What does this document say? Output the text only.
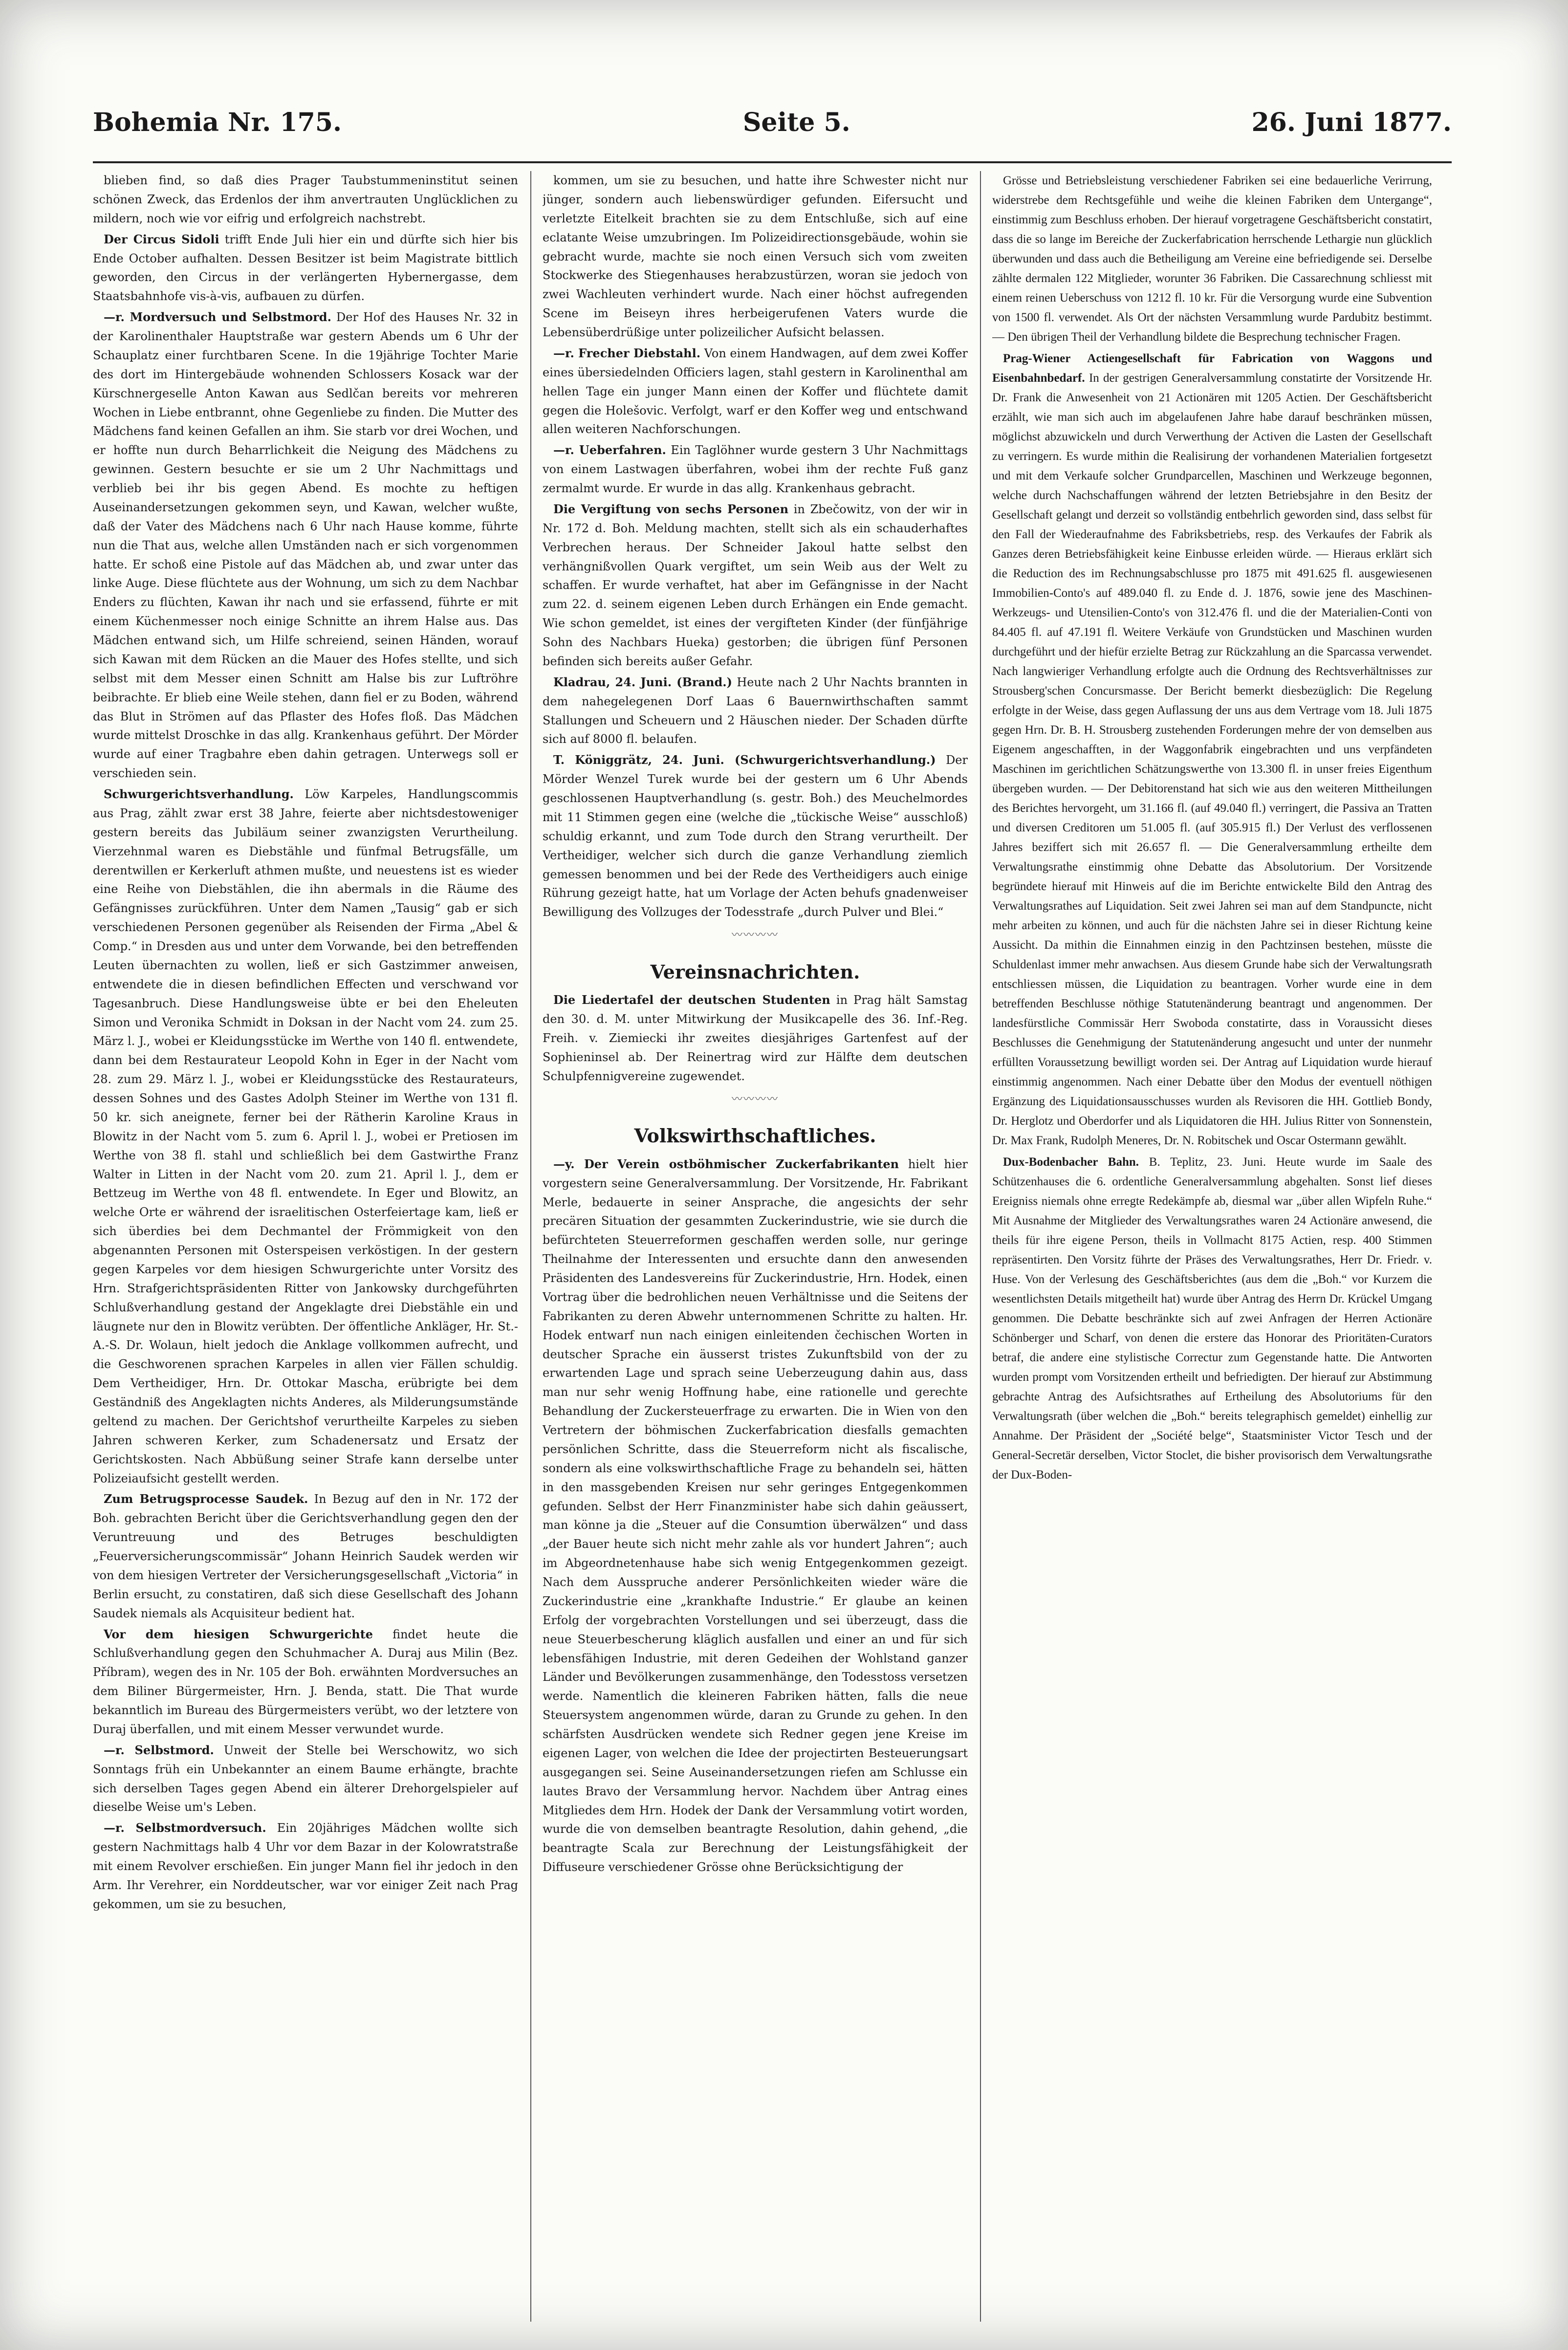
Bohemia Nr. 175.	Seite 5.	26. Juni 1877.

blieben find, so daß dies Prager Taubstummeninstitut seinen schönen Zweck, das Erdenlos der ihm anvertrauten Unglücklichen zu mildern, noch wie vor eifrig und erfolgreich nachstrebt.

Der Circus Sidoli trifft Ende Juli hier ein und dürfte sich hier bis Ende October aufhalten. Dessen Besitzer ist beim Magistrate bittlich geworden, den Circus in der verlängerten Hybernergasse, dem Staatsbahnhofe vis-à-vis, aufbauen zu dürfen.

—r. Mordversuch und Selbstmord. Der Hof des Hauses Nr. 32 in der Karolinenthaler Hauptstraße war gestern Abends um 6 Uhr der Schauplatz einer furchtbaren Scene. In die 19jährige Tochter Marie des dort im Hintergebäude wohnenden Schlossers Kosack war der Kürschnergeselle Anton Kawan aus Sedlčan bereits vor mehreren Wochen in Liebe entbrannt, ohne Gegenliebe zu finden. Die Mutter des Mädchens fand keinen Gefallen an ihm. Sie starb vor drei Wochen, und er hoffte nun durch Beharrlichkeit die Neigung des Mädchens zu gewinnen. Gestern besuchte er sie um 2 Uhr Nachmittags und verblieb bei ihr bis gegen Abend. Es mochte zu heftigen Auseinandersetzungen gekommen seyn, und Kawan, welcher wußte, daß der Vater des Mädchens nach 6 Uhr nach Hause komme, führte nun die That aus, welche allen Umständen nach er sich vorgenommen hatte. Er schoß eine Pistole auf das Mädchen ab, und zwar unter das linke Auge. Diese flüchtete aus der Wohnung, um sich zu dem Nachbar Enders zu flüchten, Kawan ihr nach und sie erfassend, führte er mit einem Küchenmesser noch einige Schnitte an ihrem Halse aus. Das Mädchen entwand sich, um Hilfe schreiend, seinen Händen, worauf sich Kawan mit dem Rücken an die Mauer des Hofes stellte, und sich selbst mit dem Messer einen Schnitt am Halse bis zur Luftröhre beibrachte. Er blieb eine Weile stehen, dann fiel er zu Boden, während das Blut in Strömen auf das Pflaster des Hofes floß. Das Mädchen wurde mittelst Droschke in das allg. Krankenhaus geführt. Der Mörder wurde auf einer Tragbahre eben dahin getragen. Unterwegs soll er verschieden sein.

Schwurgerichtsverhandlung. Löw Karpeles, Handlungscommis aus Prag, zählt zwar erst 38 Jahre, feierte aber nichtsdestoweniger gestern bereits das Jubiläum seiner zwanzigsten Verurtheilung. Vierzehnmal waren es Diebstähle und fünfmal Betrugsfälle, um derentwillen er Kerkerluft athmen mußte, und neuestens ist es wieder eine Reihe von Diebstählen, die ihn abermals in die Räume des Gefängnisses zurückführen. Unter dem Namen „Tausig“ gab er sich verschiedenen Personen gegenüber als Reisenden der Firma „Abel & Comp.“ in Dresden aus und unter dem Vorwande, bei den betreffenden Leuten übernachten zu wollen, ließ er sich Gastzimmer anweisen, entwendete die in diesen befindlichen Effecten und verschwand vor Tagesanbruch. Diese Handlungsweise übte er bei den Eheleuten Simon und Veronika Schmidt in Doksan in der Nacht vom 24. zum 25. März l. J., wobei er Kleidungsstücke im Werthe von 140 fl. entwendete, dann bei dem Restaurateur Leopold Kohn in Eger in der Nacht vom 28. zum 29. März l. J., wobei er Kleidungsstücke des Restaurateurs, dessen Sohnes und des Gastes Adolph Steiner im Werthe von 131 fl. 50 kr. sich aneignete, ferner bei der Rätherin Karoline Kraus in Blowitz in der Nacht vom 5. zum 6. April l. J., wobei er Pretiosen im Werthe von 38 fl. stahl und schließlich bei dem Gastwirthe Franz Walter in Litten in der Nacht vom 20. zum 21. April l. J., dem er Bettzeug im Werthe von 48 fl. entwendete. In Eger und Blowitz, an welche Orte er während der israelitischen Osterfeiertage kam, ließ er sich überdies bei dem Dechmantel der Frömmigkeit von den abgenannten Personen mit Osterspeisen verköstigen. In der gestern gegen Karpeles vor dem hiesigen Schwurgerichte unter Vorsitz des Hrn. Strafgerichtspräsidenten Ritter von Jankowsky durchgeführten Schlußverhandlung gestand der Angeklagte drei Diebstähle ein und läugnete nur den in Blowitz verübten. Der öffentliche Ankläger, Hr. St.-A.-S. Dr. Wolaun, hielt jedoch die Anklage vollkommen aufrecht, und die Geschworenen sprachen Karpeles in allen vier Fällen schuldig. Dem Vertheidiger, Hrn. Dr. Ottokar Mascha, erübrigte bei dem Geständniß des Angeklagten nichts Anderes, als Milderungsumstände geltend zu machen. Der Gerichtshof verurtheilte Karpeles zu sieben Jahren schweren Kerker, zum Schadenersatz und Ersatz der Gerichtskosten. Nach Abbüßung seiner Strafe kann derselbe unter Polizeiaufsicht gestellt werden.

Zum Betrugsprocesse Saudek. In Bezug auf den in Nr. 172 der Boh. gebrachten Bericht über die Gerichtsverhandlung gegen den der Veruntreuung und des Betruges beschuldigten „Feuerversicherungscommissär“ Johann Heinrich Saudek werden wir von dem hiesigen Vertreter der Versicherungsgesellschaft „Victoria“ in Berlin ersucht, zu constatiren, daß sich diese Gesellschaft des Johann Saudek niemals als Acquisiteur bedient hat.

Vor dem hiesigen Schwurgerichte findet heute die Schlußverhandlung gegen den Schuhmacher A. Duraj aus Milin (Bez. Příbram), wegen des in Nr. 105 der Boh. erwähnten Mordversuches an dem Biliner Bürgermeister, Hrn. J. Benda, statt. Die That wurde bekanntlich im Bureau des Bürgermeisters verübt, wo der letztere von Duraj überfallen, und mit einem Messer verwundet wurde.

—r. Selbstmord. Unweit der Stelle bei Werschowitz, wo sich Sonntags früh ein Unbekannter an einem Baume erhängte, brachte sich derselben Tages gegen Abend ein älterer Drehorgelspieler auf dieselbe Weise um's Leben.

—r. Selbstmordversuch. Ein 20jähriges Mädchen wollte sich gestern Nachmittags halb 4 Uhr vor dem Bazar in der Kolowratstraße mit einem Revolver erschießen. Ein junger Mann fiel ihr jedoch in den Arm. Ihr Verehrer, ein Norddeutscher, war vor einiger Zeit nach Prag gekommen, um sie zu besuchen,

kommen, um sie zu besuchen, und hatte ihre Schwester nicht nur jünger, sondern auch liebenswürdiger gefunden. Eifersucht und verletzte Eitelkeit brachten sie zu dem Entschluße, sich auf eine eclatante Weise umzubringen. Im Polizeidirectionsgebäude, wohin sie gebracht wurde, machte sie noch einen Versuch sich vom zweiten Stockwerke des Stiegenhauses herabzustürzen, woran sie jedoch von zwei Wachleuten verhindert wurde. Nach einer höchst aufregenden Scene im Beiseyn ihres herbeigerufenen Vaters wurde die Lebensüberdrüßige unter polizeilicher Aufsicht belassen.

—r. Frecher Diebstahl. Von einem Handwagen, auf dem zwei Koffer eines übersiedelnden Officiers lagen, stahl gestern in Karolinenthal am hellen Tage ein junger Mann einen der Koffer und flüchtete damit gegen die Holešovic. Verfolgt, warf er den Koffer weg und entschwand allen weiteren Nachforschungen.

—r. Ueberfahren. Ein Taglöhner wurde gestern 3 Uhr Nachmittags von einem Lastwagen überfahren, wobei ihm der rechte Fuß ganz zermalmt wurde. Er wurde in das allg. Krankenhaus gebracht.

Die Vergiftung von sechs Personen in Zbečowitz, von der wir in Nr. 172 d. Boh. Meldung machten, stellt sich als ein schauderhaftes Verbrechen heraus. Der Schneider Jakoul hatte selbst den verhängnißvollen Quark vergiftet, um sein Weib aus der Welt zu schaffen. Er wurde verhaftet, hat aber im Gefängnisse in der Nacht zum 22. d. seinem eigenen Leben durch Erhängen ein Ende gemacht. Wie schon gemeldet, ist eines der vergifteten Kinder (der fünfjährige Sohn des Nachbars Hueka) gestorben; die übrigen fünf Personen befinden sich bereits außer Gefahr.

Kladrau, 24. Juni. (Brand.) Heute nach 2 Uhr Nachts brannten in dem nahegelegenen Dorf Laas 6 Bauernwirthschaften sammt Stallungen und Scheuern und 2 Häuschen nieder. Der Schaden dürfte sich auf 8000 fl. belaufen.

T. Königgrätz, 24. Juni. (Schwurgerichtsverhandlung.) Der Mörder Wenzel Turek wurde bei der gestern um 6 Uhr Abends geschlossenen Hauptverhandlung (s. gestr. Boh.) des Meuchelmordes mit 11 Stimmen gegen eine (welche die „tückische Weise“ ausschloß) schuldig erkannt, und zum Tode durch den Strang verurtheilt. Der Vertheidiger, welcher sich durch die ganze Verhandlung ziemlich gemessen benommen und bei der Rede des Vertheidigers auch einige Rührung gezeigt hatte, hat um Vorlage der Acten behufs gnadenweiser Bewilligung des Vollzuges der Todesstrafe „durch Pulver und Blei.“

〰〰〰〰
Vereinsnachrichten.

Die Liedertafel der deutschen Studenten in Prag hält Samstag den 30. d. M. unter Mitwirkung der Musikcapelle des 36. Inf.-Reg. Freih. v. Ziemiecki ihr zweites diesjähriges Gartenfest auf der Sophieninsel ab. Der Reinertrag wird zur Hälfte dem deutschen Schulpfennigvereine zugewendet.

〰〰〰〰
Volkswirthschaftliches.

—y. Der Verein ostböhmischer Zuckerfabrikanten hielt hier vorgestern seine Generalversammlung. Der Vorsitzende, Hr. Fabrikant Merle, bedauerte in seiner Ansprache, die angesichts der sehr precären Situation der gesammten Zuckerindustrie, wie sie durch die befürchteten Steuerreformen geschaffen werden solle, nur geringe Theilnahme der Interessenten und ersuchte dann den anwesenden Präsidenten des Landesvereins für Zuckerindustrie, Hrn. Hodek, einen Vortrag über die bedrohlichen neuen Verhältnisse und die Seitens der Fabrikanten zu deren Abwehr unternommenen Schritte zu halten. Hr. Hodek entwarf nun nach einigen einleitenden čechischen Worten in deutscher Sprache ein äusserst tristes Zukunftsbild von der zu erwartenden Lage und sprach seine Ueberzeugung dahin aus, dass man nur sehr wenig Hoffnung habe, eine rationelle und gerechte Behandlung der Zuckersteuerfrage zu erwarten. Die in Wien von den Vertretern der böhmischen Zuckerfabrication diesfalls gemachten persönlichen Schritte, dass die Steuerreform nicht als fiscalische, sondern als eine volkswirthschaftliche Frage zu behandeln sei, hätten in den massgebenden Kreisen nur sehr geringes Entgegenkommen gefunden. Selbst der Herr Finanzminister habe sich dahin geäussert, man könne ja die „Steuer auf die Consumtion überwälzen“ und dass „der Bauer heute sich nicht mehr zahle als vor hundert Jahren“; auch im Abgeordnetenhause habe sich wenig Entgegenkommen gezeigt. Nach dem Ausspruche anderer Persönlichkeiten wieder wäre die Zuckerindustrie eine „krankhafte Industrie.“ Er glaube an keinen Erfolg der vorgebrachten Vorstellungen und sei überzeugt, dass die neue Steuerbescherung kläglich ausfallen und einer an und für sich lebensfähigen Industrie, mit deren Gedeihen der Wohlstand ganzer Länder und Bevölkerungen zusammenhänge, den Todesstoss versetzen werde. Namentlich die kleineren Fabriken hätten, falls die neue Steuersystem angenommen würde, daran zu Grunde zu gehen. In den schärfsten Ausdrücken wendete sich Redner gegen jene Kreise im eigenen Lager, von welchen die Idee der projectirten Besteuerungsart ausgegangen sei. Seine Auseinandersetzungen riefen am Schlusse ein lautes Bravo der Versammlung hervor. Nachdem über Antrag eines Mitgliedes dem Hrn. Hodek der Dank der Versammlung votirt worden, wurde die von demselben beantragte Resolution, dahin gehend, „die beantragte Scala zur Berechnung der Leistungsfähigkeit der Diffuseure verschiedener Grösse ohne Berücksichtigung der

Grösse und Betriebsleistung verschiedener Fabriken sei eine bedauerliche Verirrung, widerstrebe dem Rechtsgefühle und weihe die kleinen Fabriken dem Untergange“, einstimmig zum Beschluss erhoben. Der hierauf vorgetragene Geschäftsbericht constatirt, dass die so lange im Bereiche der Zuckerfabrication herrschende Lethargie nun glücklich überwunden und dass auch die Betheiligung am Vereine eine befriedigende sei. Derselbe zählte dermalen 122 Mitglieder, worunter 36 Fabriken. Die Cassarechnung schliesst mit einem reinen Ueberschuss von 1212 fl. 10 kr. Für die Versorgung wurde eine Subvention von 1500 fl. verwendet. Als Ort der nächsten Versammlung wurde Pardubitz bestimmt. — Den übrigen Theil der Verhandlung bildete die Besprechung technischer Fragen.

Prag-Wiener Actiengesellschaft für Fabrication von Waggons und Eisenbahnbedarf. In der gestrigen Generalversammlung constatirte der Vorsitzende Hr. Dr. Frank die Anwesenheit von 21 Actionären mit 1205 Actien. Der Geschäftsbericht erzählt, wie man sich auch im abgelaufenen Jahre habe darauf beschränken müssen, möglichst abzuwickeln und durch Verwerthung der Activen die Lasten der Gesellschaft zu verringern. Es wurde mithin die Realisirung der vorhandenen Materialien fortgesetzt und mit dem Verkaufe solcher Grundparcellen, Maschinen und Werkzeuge begonnen, welche durch Nachschaffungen während der letzten Betriebsjahre in den Besitz der Gesellschaft gelangt und derzeit so vollständig entbehrlich geworden sind, dass selbst für den Fall der Wiederaufnahme des Fabriksbetriebs, resp. des Verkaufes der Fabrik als Ganzes deren Betriebsfähigkeit keine Einbusse erleiden würde. — Hieraus erklärt sich die Reduction des im Rechnungsabschlusse pro 1875 mit 491.625 fl. ausgewiesenen Immobilien-Conto's auf 489.040 fl. zu Ende d. J. 1876, sowie jene des Maschinen-Werkzeugs- und Utensilien-Conto's von 312.476 fl. und die der Materialien-Conti von 84.405 fl. auf 47.191 fl. Weitere Verkäufe von Grundstücken und Maschinen wurden durchgeführt und der hiefür erzielte Betrag zur Rückzahlung an die Sparcassa verwendet. Nach langwieriger Verhandlung erfolgte auch die Ordnung des Rechtsverhältnisses zur Strousberg'schen Concursmasse. Der Bericht bemerkt diesbezüglich: Die Regelung erfolgte in der Weise, dass gegen Auflassung der uns aus dem Vertrage vom 18. Juli 1875 gegen Hrn. Dr. B. H. Strousberg zustehenden Forderungen mehre der von demselben aus Eigenem angeschafften, in der Waggonfabrik eingebrachten und uns verpfändeten Maschinen im gerichtlichen Schätzungswerthe von 13.300 fl. in unser freies Eigenthum übergeben wurden. — Der Debitorenstand hat sich wie aus den weiteren Mittheilungen des Berichtes hervorgeht, um 31.166 fl. (auf 49.040 fl.) verringert, die Passiva an Tratten und diversen Creditoren um 51.005 fl. (auf 305.915 fl.) Der Verlust des verflossenen Jahres beziffert sich mit 26.657 fl. — Die Generalversammlung ertheilte dem Verwaltungsrathe einstimmig ohne Debatte das Absolutorium. Der Vorsitzende begründete hierauf mit Hinweis auf die im Berichte entwickelte Bild den Antrag des Verwaltungsrathes auf Liquidation. Seit zwei Jahren sei man auf dem Standpuncte, nicht mehr arbeiten zu können, und auch für die nächsten Jahre sei in dieser Richtung keine Aussicht. Da mithin die Einnahmen einzig in den Pachtzinsen bestehen, müsste die Schuldenlast immer mehr anwachsen. Aus diesem Grunde habe sich der Verwaltungsrath entschliessen müssen, die Liquidation zu beantragen. Vorher wurde eine in dem betreffenden Beschlusse nöthige Statutenänderung beantragt und angenommen. Der landesfürstliche Commissär Herr Swoboda constatirte, dass in Voraussicht dieses Beschlusses die Genehmigung der Statutenänderung angesucht und unter der nunmehr erfüllten Voraussetzung bewilligt worden sei. Der Antrag auf Liquidation wurde hierauf einstimmig angenommen. Nach einer Debatte über den Modus der eventuell nöthigen Ergänzung des Liquidationsausschusses wurden als Revisoren die HH. Gottlieb Bondy, Dr. Herglotz und Oberdorfer und als Liquidatoren die HH. Julius Ritter von Sonnenstein, Dr. Max Frank, Rudolph Meneres, Dr. N. Robitschek und Oscar Ostermann gewählt.

Dux-Bodenbacher Bahn. B. Teplitz, 23. Juni. Heute wurde im Saale des Schützenhauses die 6. ordentliche Generalversammlung abgehalten. Sonst lief dieses Ereigniss niemals ohne erregte Redekämpfe ab, diesmal war „über allen Wipfeln Ruhe.“ Mit Ausnahme der Mitglieder des Verwaltungsrathes waren 24 Actionäre anwesend, die theils für ihre eigene Person, theils in Vollmacht 8175 Actien, resp. 400 Stimmen repräsentirten. Den Vorsitz führte der Präses des Verwaltungsrathes, Herr Dr. Friedr. v. Huse. Von der Verlesung des Geschäftsberichtes (aus dem die „Boh.“ vor Kurzem die wesentlichsten Details mitgetheilt hat) wurde über Antrag des Herrn Dr. Krückel Umgang genommen. Die Debatte beschränkte sich auf zwei Anfragen der Herren Actionäre Schönberger und Scharf, von denen die erstere das Honorar des Prioritäten-Curators betraf, die andere eine stylistische Correctur zum Gegenstande hatte. Die Antworten wurden prompt vom Vorsitzenden ertheilt und befriedigten. Der hierauf zur Abstimmung gebrachte Antrag des Aufsichtsrathes auf Ertheilung des Absolutoriums für den Verwaltungsrath (über welchen die „Boh.“ bereits telegraphisch gemeldet) einhellig zur Annahme. Der Präsident der „Société belge“, Staatsminister Victor Tesch und der General-Secretär derselben, Victor Stoclet, die bisher provisorisch dem Verwaltungsrathe der Dux-Boden-
